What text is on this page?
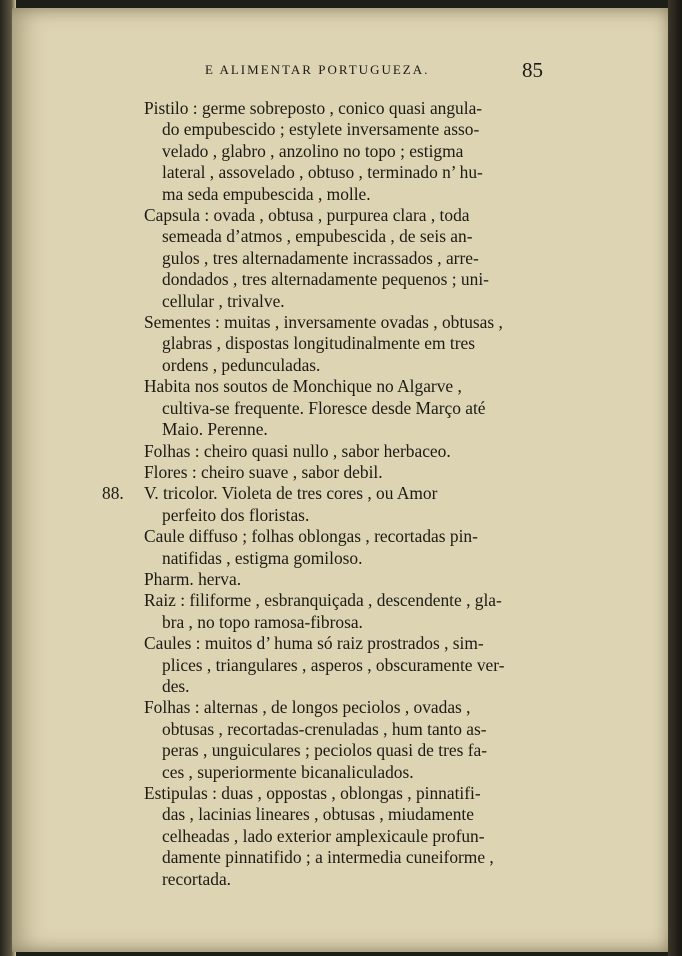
E ALIMENTAR PORTUGUEZA.	85
Pistilo : germe sobreposto , conico quasi angula-
do empubescido ; estylete inversamente asso-
velado , glabro , anzolino no topo ; estigma
lateral , assovelado , obtuso , terminado n’ hu-
ma seda empubescida , molle.
Capsula : ovada , obtusa , purpurea clara , toda
semeada d’atmos , empubescida , de seis an-
gulos , tres alternadamente incrassados , arre-
dondados , tres alternadamente pequenos ; uni-
cellular , trivalve.
Sementes : muitas , inversamente ovadas , obtusas ,
glabras , dispostas longitudinalmente em tres
ordens , pedunculadas.
Habita nos soutos de Monchique no Algarve ,
cultiva-se frequente. Floresce desde Março até
Maio. Perenne.
Folhas : cheiro quasi nullo , sabor herbaceo.
Flores : cheiro suave , sabor debil.
88. V. tricolor. Violeta de tres cores , ou Amor
perfeito dos floristas.
Caule diffuso ; folhas oblongas , recortadas pin-
natifidas , estigma gomiloso.
Pharm. herva.
Raiz : filiforme , esbranquiçada , descendente , gla-
bra , no topo ramosa-fibrosa.
Caules : muitos d’ huma só raiz prostrados , sim-
plices , triangulares , asperos , obscuramente ver-
des.
Folhas : alternas , de longos peciolos , ovadas ,
obtusas , recortadas-crenuladas , hum tanto as-
peras , unguiculares ; peciolos quasi de tres fa-
ces , superiormente bicanaliculados.
Estipulas : duas , oppostas , oblongas , pinnatifi-
das , lacinias lineares , obtusas , miudamente
celheadas , lado exterior amplexicaule profun-
damente pinnatifido ; a intermedia cuneiforme ,
recortada.
